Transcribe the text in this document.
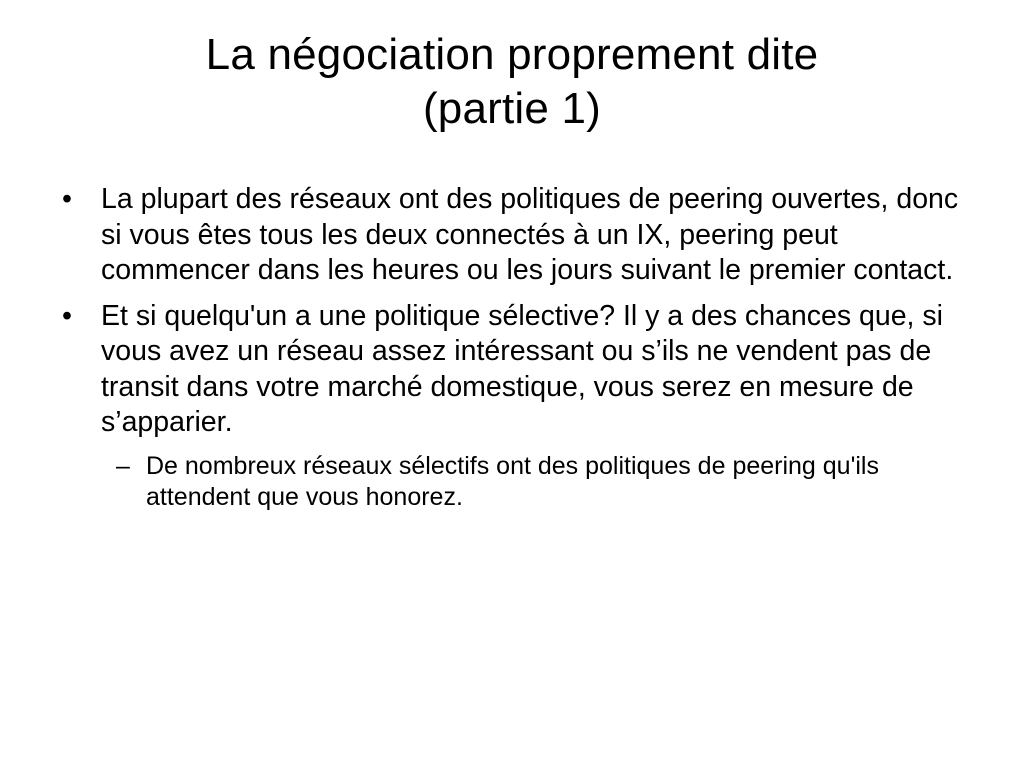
La négociation proprement dite
(partie 1)
• La plupart des réseaux ont des politiques de peering ouvertes, donc si vous êtes tous les deux connectés à un IX, peering peut commencer dans les heures ou les jours suivant le premier contact.
• Et si quelqu'un a une politique sélective? Il y a des chances que, si vous avez un réseau assez intéressant ou s’ils ne vendent pas de transit dans votre marché domestique, vous serez en mesure de s’apparier.
– De nombreux réseaux sélectifs ont des politiques de peering qu'ils attendent que vous honorez.
